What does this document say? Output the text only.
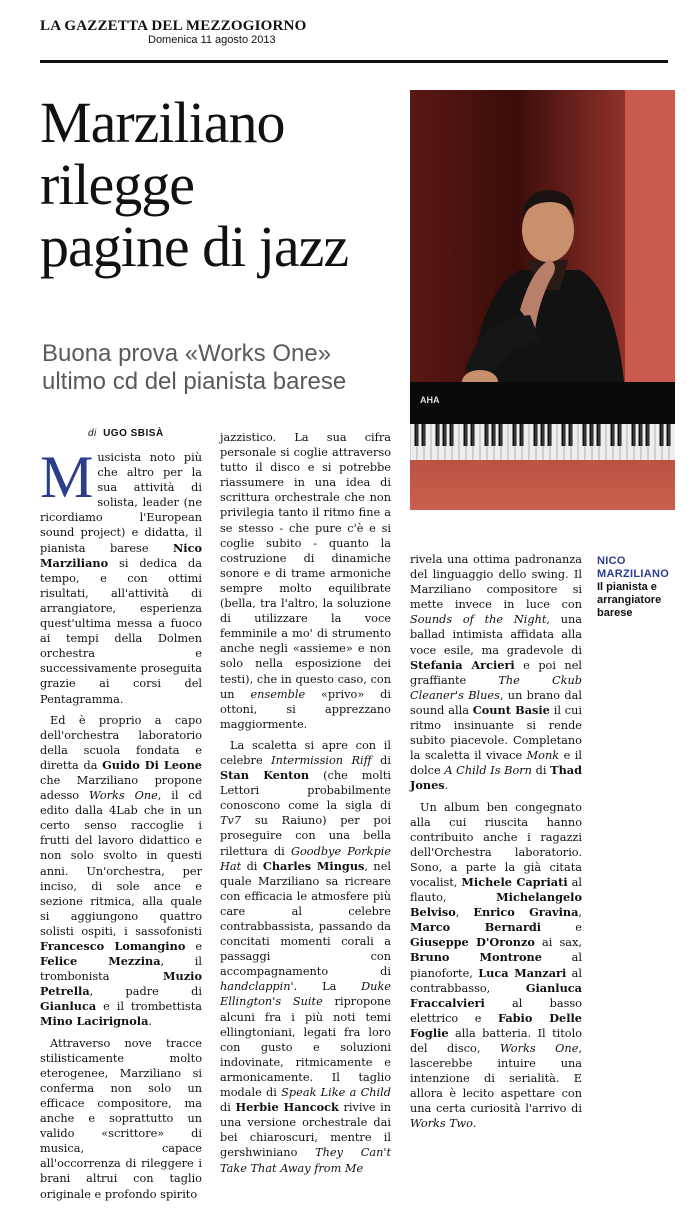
LA GAZZETTA DEL MEZZOGIORNO
Domenica 11 agosto 2013
Marziliano
rilegge
pagine di jazz
Buona prova «Works One»
ultimo cd del pianista barese
di UGO SBISÀ

Musicista noto più che altro per la sua attività di solista, leader (ne ricordiamo l'European sound project) e didatta, il pianista barese Nico Marziliano si dedica da tempo, e con ottimi risultati, all'attività di arrangiatore, esperienza quest'ultima messa a fuoco ai tempi della Dolmen orchestra e successivamente proseguita grazie ai corsi del Pentagramma.

Ed è proprio a capo dell'orchestra laboratorio della scuola fondata e diretta da Guido Di Leone che Marziliano propone adesso Works One, il cd edito dalla 4Lab che in un certo senso raccoglie i frutti del lavoro didattico e non solo svolto in questi anni. Un'orchestra, per inciso, di sole ance e sezione ritmica, alla quale si aggiungono quattro solisti ospiti, i sassofonisti Francesco Lomangino e Felice Mezzina, il trombonista Muzio Petrella, padre di Gianluca e il trombettista Mino Lacirignola.

Attraverso nove tracce stilisticamente molto eterogenee, Marziliano si conferma non solo un efficace compositore, ma anche e soprattutto un valido «scrittore» di musica, capace all'occorrenza di rileggere i brani altrui con taglio originale e profondo spirito

jazzistico. La sua cifra personale si coglie attraverso tutto il disco e si potrebbe riassumere in una idea di scrittura orchestrale che non privilegia tanto il ritmo fine a se stesso - che pure c'è e si coglie subito - quanto la costruzione di dinamiche sonore e di trame armoniche sempre molto equilibrate (bella, tra l'altro, la soluzione di utilizzare la voce femminile a mo' di strumento anche negli «assieme» e non solo nella esposizione dei testi), che in questo caso, con un ensemble «privo» di ottoni, si apprezzano maggiormente.

La scaletta si apre con il celebre Intermission Riff di Stan Kenton (che molti Lettori probabilmente conoscono come la sigla di Tv7 su Raiuno) per poi proseguire con una bella rilettura di Goodbye Porkpie Hat di Charles Mingus, nel quale Marziliano sa ricreare con efficacia le atmosfere più care al celebre contrabbassista, passando da concitati momenti corali a passaggi con accompagnamento di handclappin'. La Duke Ellington's Suite ripropone alcuni fra i più noti temi ellingtoniani, legati fra loro con gusto e soluzioni indovinate, ritmicamente e armonicamente. Il taglio modale di Speak Like a Child di Herbie Hancock rivive in una versione orchestrale dai bei chiaroscuri, mentre il gershwiniano They Can't Take That Away from Me

AHA

rivela una ottima padronanza del linguaggio dello swing. Il Marziliano compositore si mette invece in luce con Sounds of the Night, una ballad intimista affidata alla voce esile, ma gradevole di Stefania Arcieri e poi nel graffiante The Ckub Cleaner's Blues, un brano dal sound alla Count Basie il cui ritmo insinuante si rende subito piacevole. Completano la scaletta il vivace Monk e il dolce A Child Is Born di Thad Jones.

Un album ben congegnato alla cui riuscita hanno contribuito anche i ragazzi dell'Orchestra laboratorio. Sono, a parte la già citata vocalist, Michele Capriati al flauto, Michelangelo Belviso, Enrico Gravina, Marco Bernardi e Giuseppe D'Oronzo ai sax, Bruno Montrone al pianoforte, Luca Manzari al contrabbasso, Gianluca Fraccalvieri al basso elettrico e Fabio Delle Foglie alla batteria. Il titolo del disco, Works One, lascerebbe intuire una intenzione di serialità. E allora è lecito aspettare con una certa curiosità l'arrivo di Works Two.

NICO
MARZILIANO
Il pianista e arrangiatore barese
